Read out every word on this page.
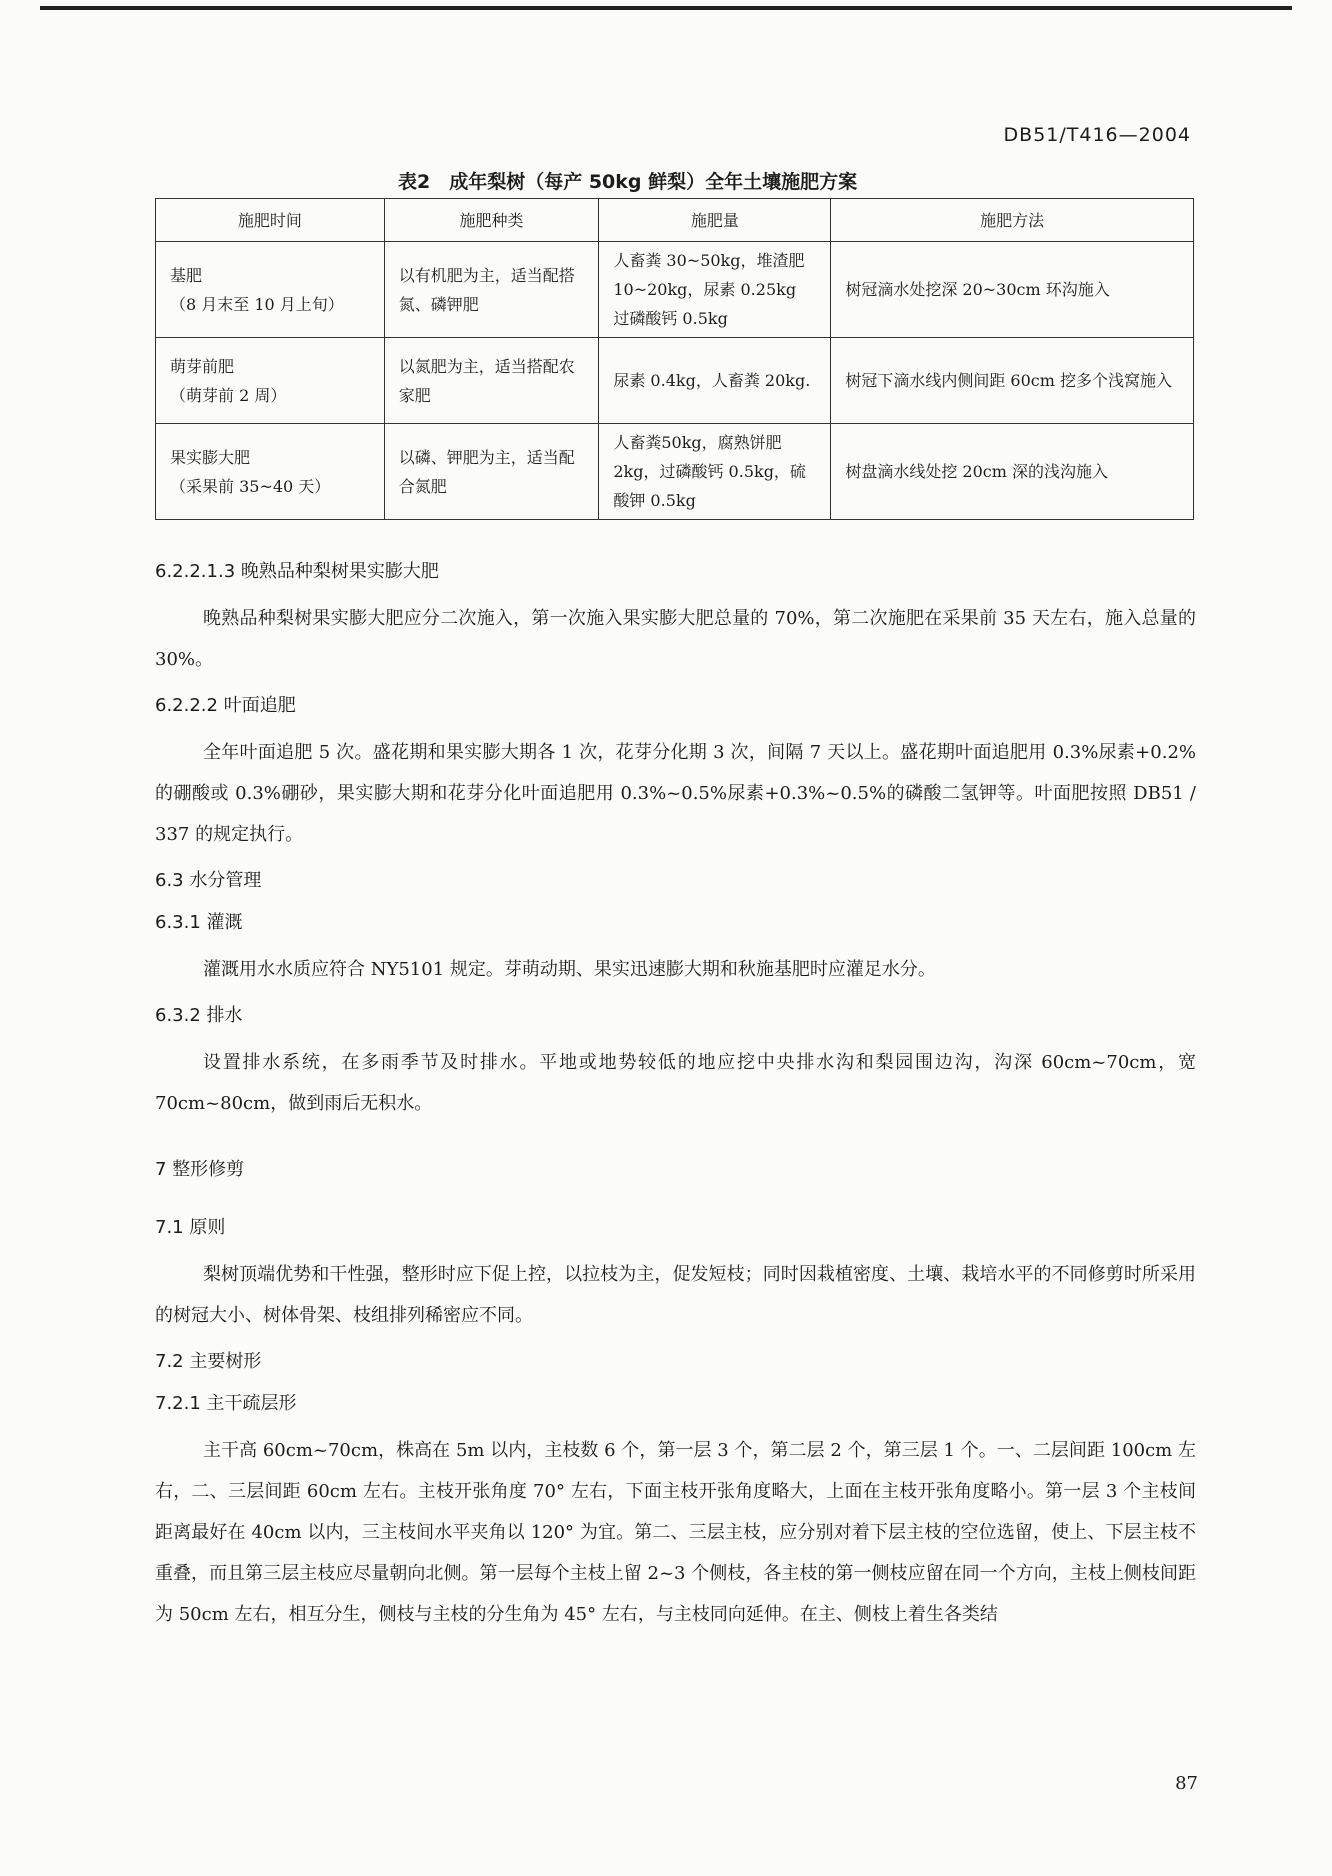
DB51/T416—2004
表2　成年梨树（每产 50kg 鲜梨）全年土壤施肥方案
施肥时间	施肥种类	施肥量	施肥方法

基肥
（8 月末至 10 月上旬）	以有机肥为主，适当配搭氮、磷钾肥	人畜粪 30~50kg，堆渣肥 10~20kg，尿素 0.25kg 过磷酸钙 0.5kg	树冠滴水处挖深 20~30cm 环沟施入

萌芽前肥
（萌芽前 2 周）	以氮肥为主，适当搭配农家肥	尿素 0.4kg，人畜粪 20kg.	树冠下滴水线内侧间距 60cm 挖多个浅窝施入

果实膨大肥
（采果前 35~40 天）	以磷、钾肥为主，适当配合氮肥	人畜粪50kg，腐熟饼肥2kg，过磷酸钙 0.5kg，硫酸钾 0.5kg	树盘滴水线处挖 20cm 深的浅沟施入

6.2.2.1.3 晚熟品种梨树果实膨大肥

晚熟品种梨树果实膨大肥应分二次施入，第一次施入果实膨大肥总量的 70%，第二次施肥在采果前 35 天左右，施入总量的 30%。

6.2.2.2 叶面追肥

全年叶面追肥 5 次。盛花期和果实膨大期各 1 次，花芽分化期 3 次，间隔 7 天以上。盛花期叶面追肥用 0.3%尿素+0.2%的硼酸或 0.3%硼砂，果实膨大期和花芽分化叶面追肥用 0.3%~0.5%尿素+0.3%~0.5%的磷酸二氢钾等。叶面肥按照 DB51 / 337 的规定执行。

6.3 水分管理

6.3.1 灌溉

灌溉用水水质应符合 NY5101 规定。芽萌动期、果实迅速膨大期和秋施基肥时应灌足水分。

6.3.2 排水

设置排水系统，在多雨季节及时排水。平地或地势较低的地应挖中央排水沟和梨园围边沟，沟深 60cm~70cm，宽 70cm~80cm，做到雨后无积水。

7 整形修剪

7.1 原则

梨树顶端优势和干性强，整形时应下促上控，以拉枝为主，促发短枝；同时因栽植密度、土壤、栽培水平的不同修剪时所采用的树冠大小、树体骨架、枝组排列稀密应不同。

7.2 主要树形

7.2.1 主干疏层形

主干高 60cm~70cm，株高在 5m 以内，主枝数 6 个，第一层 3 个，第二层 2 个，第三层 1 个。一、二层间距 100cm 左右，二、三层间距 60cm 左右。主枝开张角度 70° 左右，下面主枝开张角度略大，上面在主枝开张角度略小。第一层 3 个主枝间距离最好在 40cm 以内，三主枝间水平夹角以 120° 为宜。第二、三层主枝，应分别对着下层主枝的空位选留，使上、下层主枝不重叠，而且第三层主枝应尽量朝向北侧。第一层每个主枝上留 2~3 个侧枝，各主枝的第一侧枝应留在同一个方向，主枝上侧枝间距为 50cm 左右，相互分生，侧枝与主枝的分生角为 45° 左右，与主枝同向延伸。在主、侧枝上着生各类结

87
